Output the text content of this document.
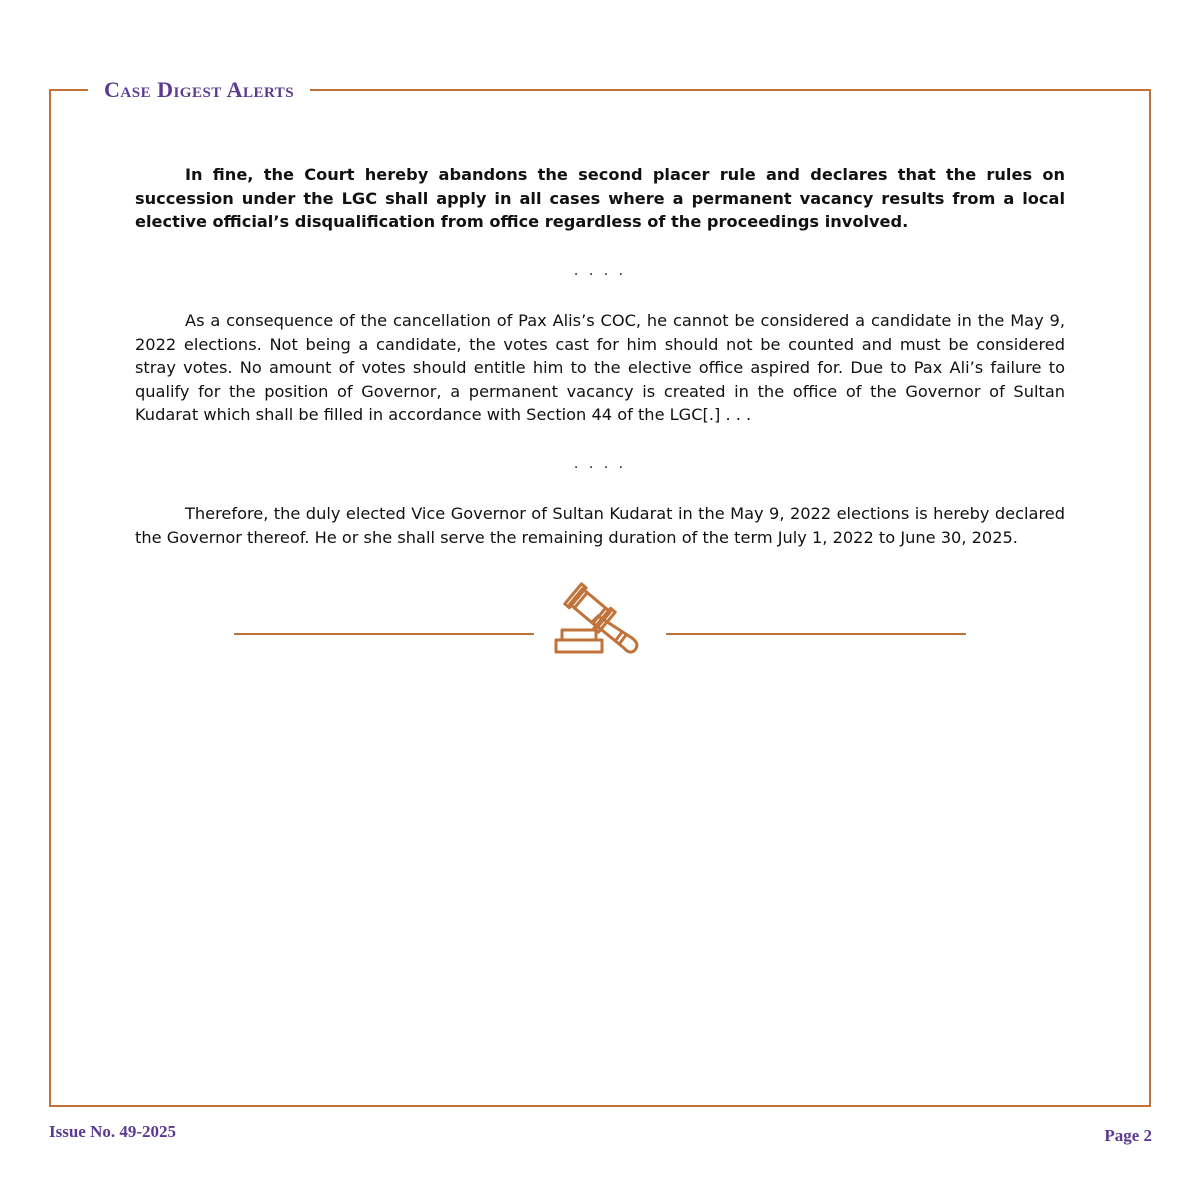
Case Digest Alerts

In fine, the Court hereby abandons the second placer rule and declares that the rules on succession under the LGC shall apply in all cases where a permanent vacancy results from a local elective official’s disqualification from office regardless of the proceedings involved.

. . . .

As a consequence of the cancellation of Pax Alis’s COC, he cannot be considered a candidate in the May 9, 2022 elections. Not being a candidate, the votes cast for him should not be counted and must be considered stray votes. No amount of votes should entitle him to the elective office aspired for. Due to Pax Ali’s failure to qualify for the position of Governor, a permanent vacancy is created in the office of the Governor of Sultan Kudarat which shall be filled in accordance with Section 44 of the LGC[.] . . .

. . . .

Therefore, the duly elected Vice Governor of Sultan Kudarat in the May 9, 2022 elections is hereby declared the Governor thereof. He or she shall serve the remaining duration of the term July 1, 2022 to June 30, 2025.

Issue No. 49-2025	Page 2
